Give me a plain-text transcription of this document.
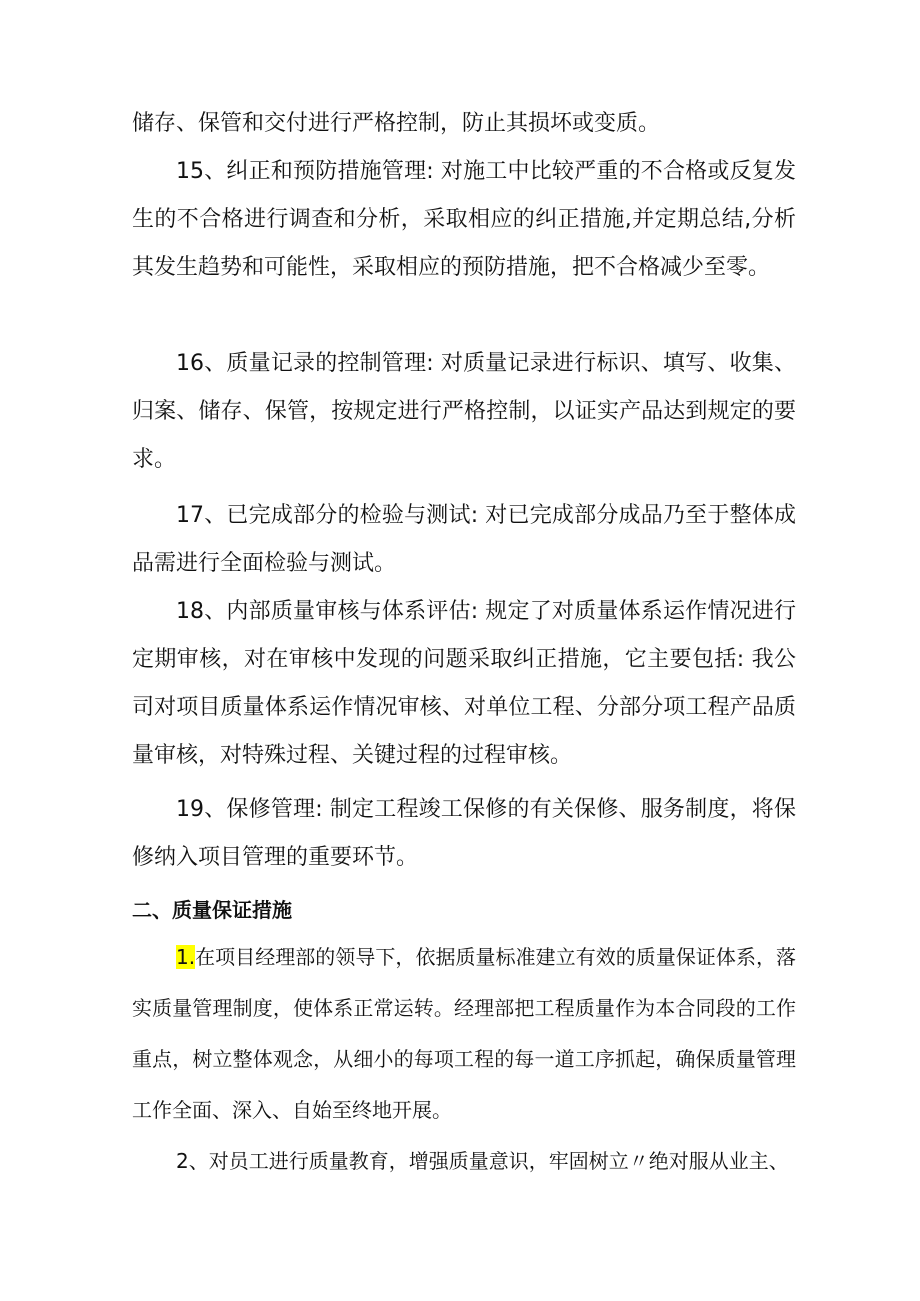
储存、保管和交付进行严格控制，防止其损坏或变质。

15、纠正和预防措施管理: 对施工中比较严重的不合格或反复发生的不合格进行调查和分析，采取相应的纠正措施,并定期总结,分析其发生趋势和可能性，采取相应的预防措施，把不合格减少至零。

16、质量记录的控制管理: 对质量记录进行标识、填写、收集、归案、储存、保管，按规定进行严格控制，以证实产品达到规定的要求。

17、已完成部分的检验与测试: 对已完成部分成品乃至于整体成品需进行全面检验与测试。

18、内部质量审核与体系评估: 规定了对质量体系运作情况进行定期审核，对在审核中发现的问题采取纠正措施，它主要包括: 我公司对项目质量体系运作情况审核、对单位工程、分部分项工程产品质量审核，对特殊过程、关键过程的过程审核。

19、保修管理: 制定工程竣工保修的有关保修、服务制度，将保修纳入项目管理的重要环节。

二、质量保证措施

1.在项目经理部的领导下，依据质量标准建立有效的质量保证体系，落实质量管理制度，使体系正常运转。经理部把工程质量作为本合同段的工作重点，树立整体观念，从细小的每项工程的每一道工序抓起，确保质量管理工作全面、深入、自始至终地开展。

2、对员工进行质量教育，增强质量意识，牢固树立〃绝对服从业主、
